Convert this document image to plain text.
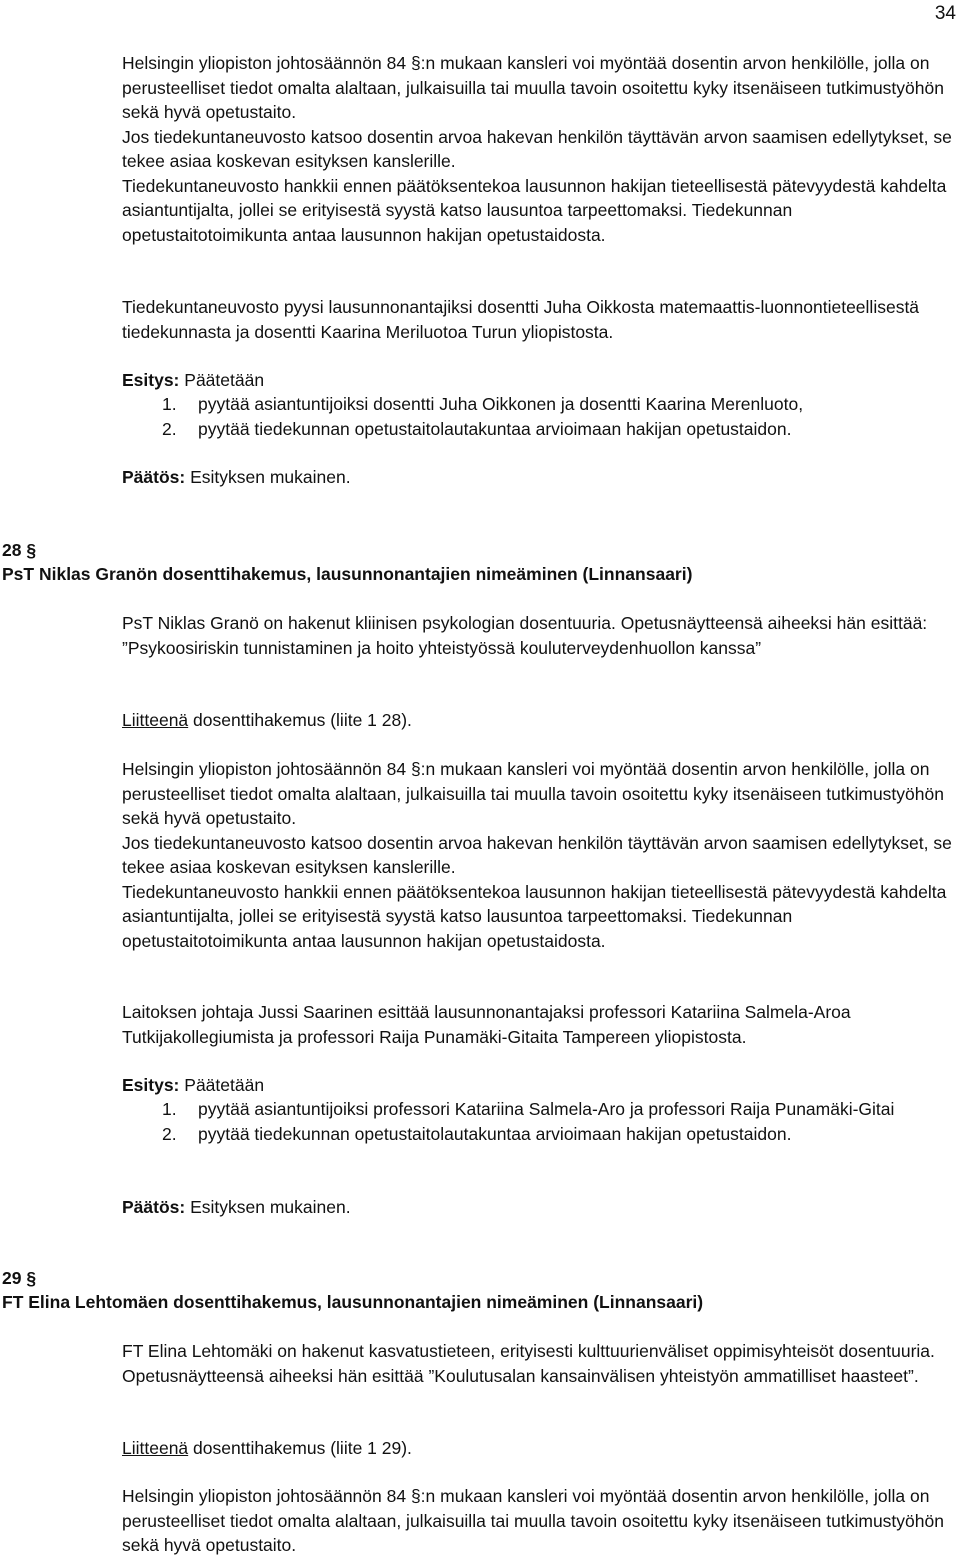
34
Helsingin yliopiston johtosäännön 84 §:n mukaan kansleri voi myöntää dosentin arvon henkilölle, jolla on perusteelliset tiedot omalta alaltaan, julkaisuilla tai muulla tavoin osoitettu kyky itsenäiseen tutkimustyöhön sekä hyvä opetustaito.
Jos tiedekuntaneuvosto katsoo dosentin arvoa hakevan henkilön täyttävän arvon saamisen edellytykset, se tekee asiaa koskevan esityksen kanslerille.
Tiedekuntaneuvosto hankkii ennen päätöksentekoa lausunnon hakijan tieteellisestä pätevyydestä kahdelta asiantuntijalta, jollei se erityisestä syystä katso lausuntoa tarpeettomaksi. Tiedekunnan opetustaitotoimikunta antaa lausunnon hakijan opetustaidosta.
Tiedekuntaneuvosto pyysi lausunnonantajiksi dosentti Juha Oikkosta matemaattis-luonnontieteellisestä tiedekunnasta ja dosentti Kaarina Meriluotoa Turun yliopistosta.
Esitys: Päätetään
1. pyytää asiantuntijoiksi dosentti Juha Oikkonen ja dosentti Kaarina Merenluoto,
2. pyytää tiedekunnan opetustaitolautakuntaa arvioimaan hakijan opetustaidon.
Päätös: Esityksen mukainen.
28 §
PsT Niklas Granön dosenttihakemus, lausunnonantajien nimeäminen (Linnansaari)
PsT Niklas Granö on hakenut kliinisen psykologian dosentuuria. Opetusnäytteensä aiheeksi hän esittää: ”Psykoosiriskin tunnistaminen ja hoito yhteistyössä kouluterveydenhuollon kanssa”
Liitteenä dosenttihakemus (liite 1 28).
Helsingin yliopiston johtosäännön 84 §:n mukaan kansleri voi myöntää dosentin arvon henkilölle, jolla on perusteelliset tiedot omalta alaltaan, julkaisuilla tai muulla tavoin osoitettu kyky itsenäiseen tutkimustyöhön sekä hyvä opetustaito.
Jos tiedekuntaneuvosto katsoo dosentin arvoa hakevan henkilön täyttävän arvon saamisen edellytykset, se tekee asiaa koskevan esityksen kanslerille.
Tiedekuntaneuvosto hankkii ennen päätöksentekoa lausunnon hakijan tieteellisestä pätevyydestä kahdelta asiantuntijalta, jollei se erityisestä syystä katso lausuntoa tarpeettomaksi. Tiedekunnan opetustaitotoimikunta antaa lausunnon hakijan opetustaidosta.
Laitoksen johtaja Jussi Saarinen esittää lausunnonantajaksi professori Katariina Salmela-Aroa Tutkijakollegiumista ja professori Raija Punamäki-Gitaita Tampereen yliopistosta.
Esitys: Päätetään
1. pyytää asiantuntijoiksi professori Katariina Salmela-Aro ja professori Raija Punamäki-Gitai
2. pyytää tiedekunnan opetustaitolautakuntaa arvioimaan hakijan opetustaidon.
Päätös: Esityksen mukainen.
29 §
FT Elina Lehtomäen dosenttihakemus, lausunnonantajien nimeäminen (Linnansaari)
FT Elina Lehtomäki on hakenut kasvatustieteen, erityisesti kulttuurienväliset oppimisyhteisöt dosentuuria. Opetusnäytteensä aiheeksi hän esittää ”Koulutusalan kansainvälisen yhteistyön ammatilliset haasteet”.
Liitteenä dosenttihakemus (liite 1 29).
Helsingin yliopiston johtosäännön 84 §:n mukaan kansleri voi myöntää dosentin arvon henkilölle, jolla on perusteelliset tiedot omalta alaltaan, julkaisuilla tai muulla tavoin osoitettu kyky itsenäiseen tutkimustyöhön sekä hyvä opetustaito.
